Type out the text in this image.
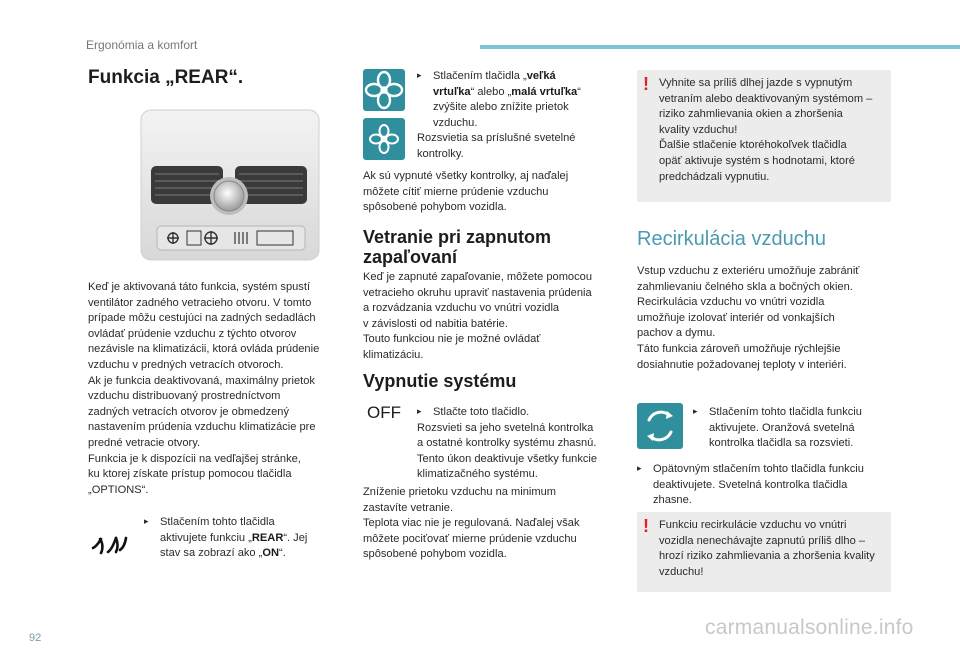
Ergonómia a komfort
Funkcia „REAR“.

Keď je aktivovaná táto funkcia, systém spustí

ventilátor zadného vetracieho otvoru. V tomto

prípade môžu cestujúci na zadných sedadlách

ovládať prúdenie vzduchu z týchto otvorov

nezávisle na klimatizácii, ktorá ovláda prúdenie

vzduchu v predných vetracích otvoroch.

Ak je funkcia deaktivovaná, maximálny prietok

vzduchu distribuovaný prostredníctvom

zadných vetracích otvorov je obmedzený

nastavením prúdenia vzduchu klimatizácie pre

predné vetracie otvory.

Funkcia je k dispozícii na vedľajšej stránke,

ku ktorej získate prístup pomocou tlačidla

„OPTIONS“.

▸ Stlačením tohto tlačidla

aktivujete funkciu „REAR“. Jej

stav sa zobrazí ako „ON“.

▸ Stlačením tlačidla „veľká

vrtuľka“ alebo „malá vrtuľka“

zvýšite alebo znížite prietok

vzduchu.

Rozsvietia sa príslušné svetelné

kontrolky.

Ak sú vypnuté všetky kontrolky, aj naďalej

môžete cítiť mierne prúdenie vzduchu

spôsobené pohybom vozidla.

Vetranie pri zapnutom
zapaľovaní

Keď je zapnuté zapaľovanie, môžete pomocou

vetracieho okruhu upraviť nastavenia prúdenia

a rozvádzania vzduchu vo vnútri vozidla

v závislosti od nabitia batérie.

Touto funkciou nie je možné ovládať

klimatizáciu.

Vypnutie systému
OFF ▸ Stlačte toto tlačidlo.

Rozsvieti sa jeho svetelná kontrolka

a ostatné kontrolky systému zhasnú.

Tento úkon deaktivuje všetky funkcie

klimatizačného systému.

Zníženie prietoku vzduchu na minimum

zastavíte vetranie.

Teplota viac nie je regulovaná. Naďalej však

môžete pociťovať mierne prúdenie vzduchu

spôsobené pohybom vozidla.

! Vyhnite sa príliš dlhej jazde s vypnutým

vetraním alebo deaktivovaným systémom –

riziko zahmlievania okien a zhoršenia

kvality vzduchu!

Ďalšie stlačenie ktoréhokoľvek tlačidla

opäť aktivuje systém s hodnotami, ktoré

predchádzali vypnutiu.

Recirkulácia vzduchu

Vstup vzduchu z exteriéru umožňuje zabrániť

zahmlievaniu čelného skla a bočných okien.

Recirkulácia vzduchu vo vnútri vozidla

umožňuje izolovať interiér od vonkajších

pachov a dymu.

Táto funkcia zároveň umožňuje rýchlejšie

dosiahnutie požadovanej teploty v interiéri.

▸ Stlačením tohto tlačidla funkciu

aktivujete. Oranžová svetelná

kontrolka tlačidla sa rozsvieti.

▸ Opätovným stlačením tohto tlačidla funkciu

deaktivujete. Svetelná kontrolka tlačidla

zhasne.

! Funkciu recirkulácie vzduchu vo vnútri

vozidla nenechávajte zapnutú príliš dlho –

hrozí riziko zahmlievania a zhoršenia kvality

vzduchu!

92	carmanualsonline.info
